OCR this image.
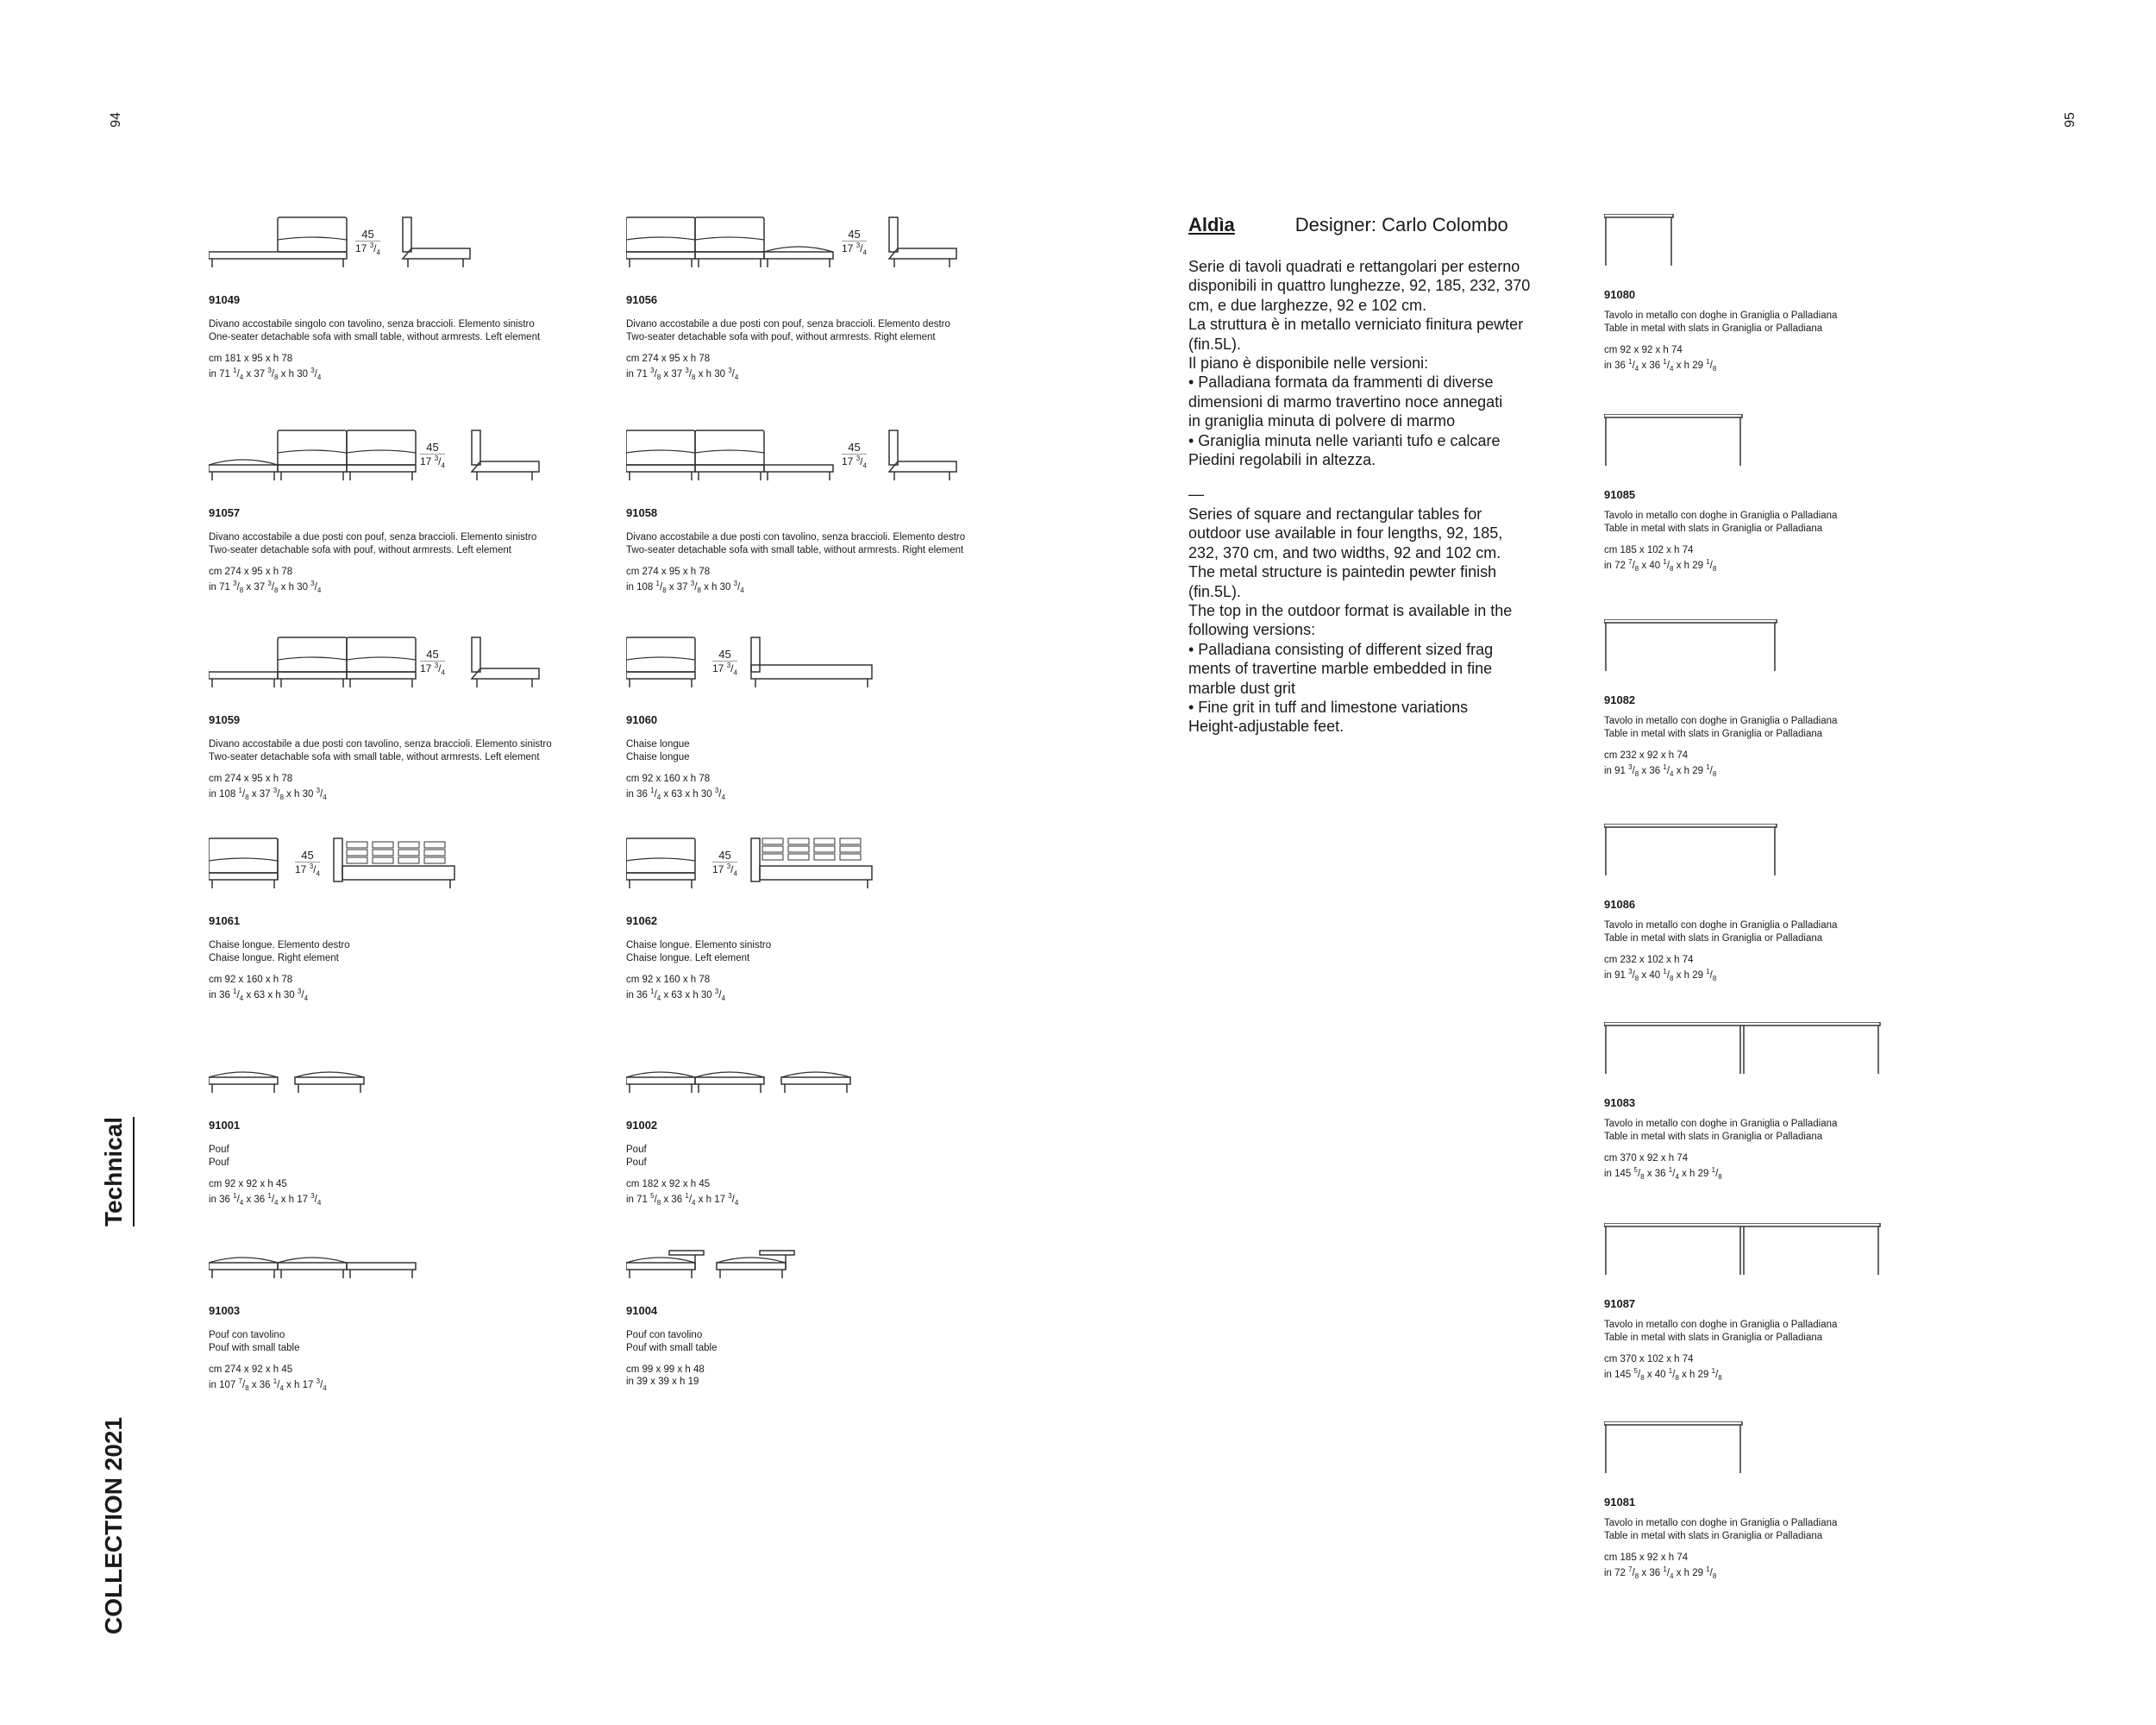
94	95
Technical
COLLECTION 2021
45
17 $^3/_4$
91049
Divano accostabile singolo con tavolino, senza braccioli. Elemento sinistro
One-seater detachable sofa with small table, without armrests. Left element
cm 181 x 95 x h 78
in 71 $^1/_4$ x 37 $^3/_8$ x h 30 $^3/_4$
45
17 $^3/_4$
91056
Divano accostabile a due posti con pouf, senza braccioli. Elemento destro
Two-seater detachable sofa with pouf, without armrests. Right element
cm 274 x 95 x h 78
in 71 $^3/_8$ x 37 $^3/_8$ x h 30 $^3/_4$
45
17 $^3/_4$
91057
Divano accostabile a due posti con pouf, senza braccioli. Elemento sinistro
Two-seater detachable sofa with pouf, without armrests. Left element
cm 274 x 95 x h 78
in 71 $^3/_8$ x 37 $^3/_8$ x h 30 $^3/_4$
45
17 $^3/_4$
91058
Divano accostabile a due posti con tavolino, senza braccioli. Elemento destro
Two-seater detachable sofa with small table, without armrests. Right element
cm 274 x 95 x h 78
in 108 $^1/_8$ x 37 $^3/_8$ x h 30 $^3/_4$
45
17 $^3/_4$
91059
Divano accostabile a due posti con tavolino, senza braccioli. Elemento sinistro
Two-seater detachable sofa with small table, without armrests. Left element
cm 274 x 95 x h 78
in 108 $^1/_8$ x 37 $^3/_8$ x h 30 $^3/_4$
45
17 $^3/_4$
91060
Chaise longue
Chaise longue
cm 92 x 160 x h 78
in 36 $^1/_4$ x 63 x h 30 $^3/_4$
45
17 $^3/_4$
91061
Chaise longue. Elemento destro
Chaise longue. Right element
cm 92 x 160 x h 78
in 36 $^1/_4$ x 63 x h 30 $^3/_4$
45
17 $^3/_4$
91062
Chaise longue. Elemento sinistro
Chaise longue. Left element
cm 92 x 160 x h 78
in 36 $^1/_4$ x 63 x h 30 $^3/_4$
91001
Pouf
Pouf
cm 92 x 92 x h 45
in 36 $^1/_4$ x 36 $^1/_4$ x h 17 $^3/_4$
91002
Pouf
Pouf
cm 182 x 92 x h 45
in 71 $^5/_8$ x 36 $^1/_4$ x h 17 $^3/_4$
91003
Pouf con tavolino
Pouf with small table
cm 274 x 92 x h 45
in 107 $^7/_8$ x 36 $^1/_4$ x h 17 $^3/_4$
91004
Pouf con tavolino
Pouf with small table
cm 99 x 99 x h 48
in 39 x 39 x h 19
Aldìa	Designer: Carlo Colombo

Serie di tavoli quadrati e rettangolari per esterno

disponibili in quattro lunghezze, 92, 185, 232, 370

cm, e due larghezze, 92 e 102 cm.

La struttura è in metallo verniciato finitura pewter

(fin.5L).

Il piano è disponibile nelle versioni:

• Palladiana formata da frammenti di diverse

dimensioni di marmo travertino noce annegati

in graniglia minuta di polvere di marmo

• Graniglia minuta nelle varianti tufo e calcare

Piedini regolabili in altezza.

—

Series of square and rectangular tables for

outdoor use available in four lengths, 92, 185,

232, 370 cm, and two widths, 92 and 102 cm.

The metal structure is paintedin pewter finish

(fin.5L).

The top in the outdoor format is available in the

following versions:

• Palladiana consisting of different sized frag

ments of travertine marble embedded in fine

marble dust grit

• Fine grit in tuff and limestone variations

Height-adjustable feet.

91080
Tavolo in metallo con doghe in Graniglia o Palladiana
Table in metal with slats in Graniglia or Palladiana
cm 92 x 92 x h 74
in 36 $^1/_4$ x 36 $^1/_4$ x h 29 $^1/_8$
91085
Tavolo in metallo con doghe in Graniglia o Palladiana
Table in metal with slats in Graniglia or Palladiana
cm 185 x 102 x h 74
in 72 $^7/_8$ x 40 $^1/_8$ x h 29 $^1/_8$
91082
Tavolo in metallo con doghe in Graniglia o Palladiana
Table in metal with slats in Graniglia or Palladiana
cm 232 x 92 x h 74
in 91 $^3/_8$ x 36 $^1/_4$ x h 29 $^1/_8$
91086
Tavolo in metallo con doghe in Graniglia o Palladiana
Table in metal with slats in Graniglia or Palladiana
cm 232 x 102 x h 74
in 91 $^3/_8$ x 40 $^1/_8$ x h 29 $^1/_8$
91083
Tavolo in metallo con doghe in Graniglia o Palladiana
Table in metal with slats in Graniglia or Palladiana
cm 370 x 92 x h 74
in 145 $^5/_8$ x 36 $^1/_4$ x h 29 $^1/_8$
91087
Tavolo in metallo con doghe in Graniglia o Palladiana
Table in metal with slats in Graniglia or Palladiana
cm 370 x 102 x h 74
in 145 $^5/_8$ x 40 $^1/_8$ x h 29 $^1/_8$
91081
Tavolo in metallo con doghe in Graniglia o Palladiana
Table in metal with slats in Graniglia or Palladiana
cm 185 x 92 x h 74
in 72 $^7/_8$ x 36 $^1/_4$ x h 29 $^1/_8$
